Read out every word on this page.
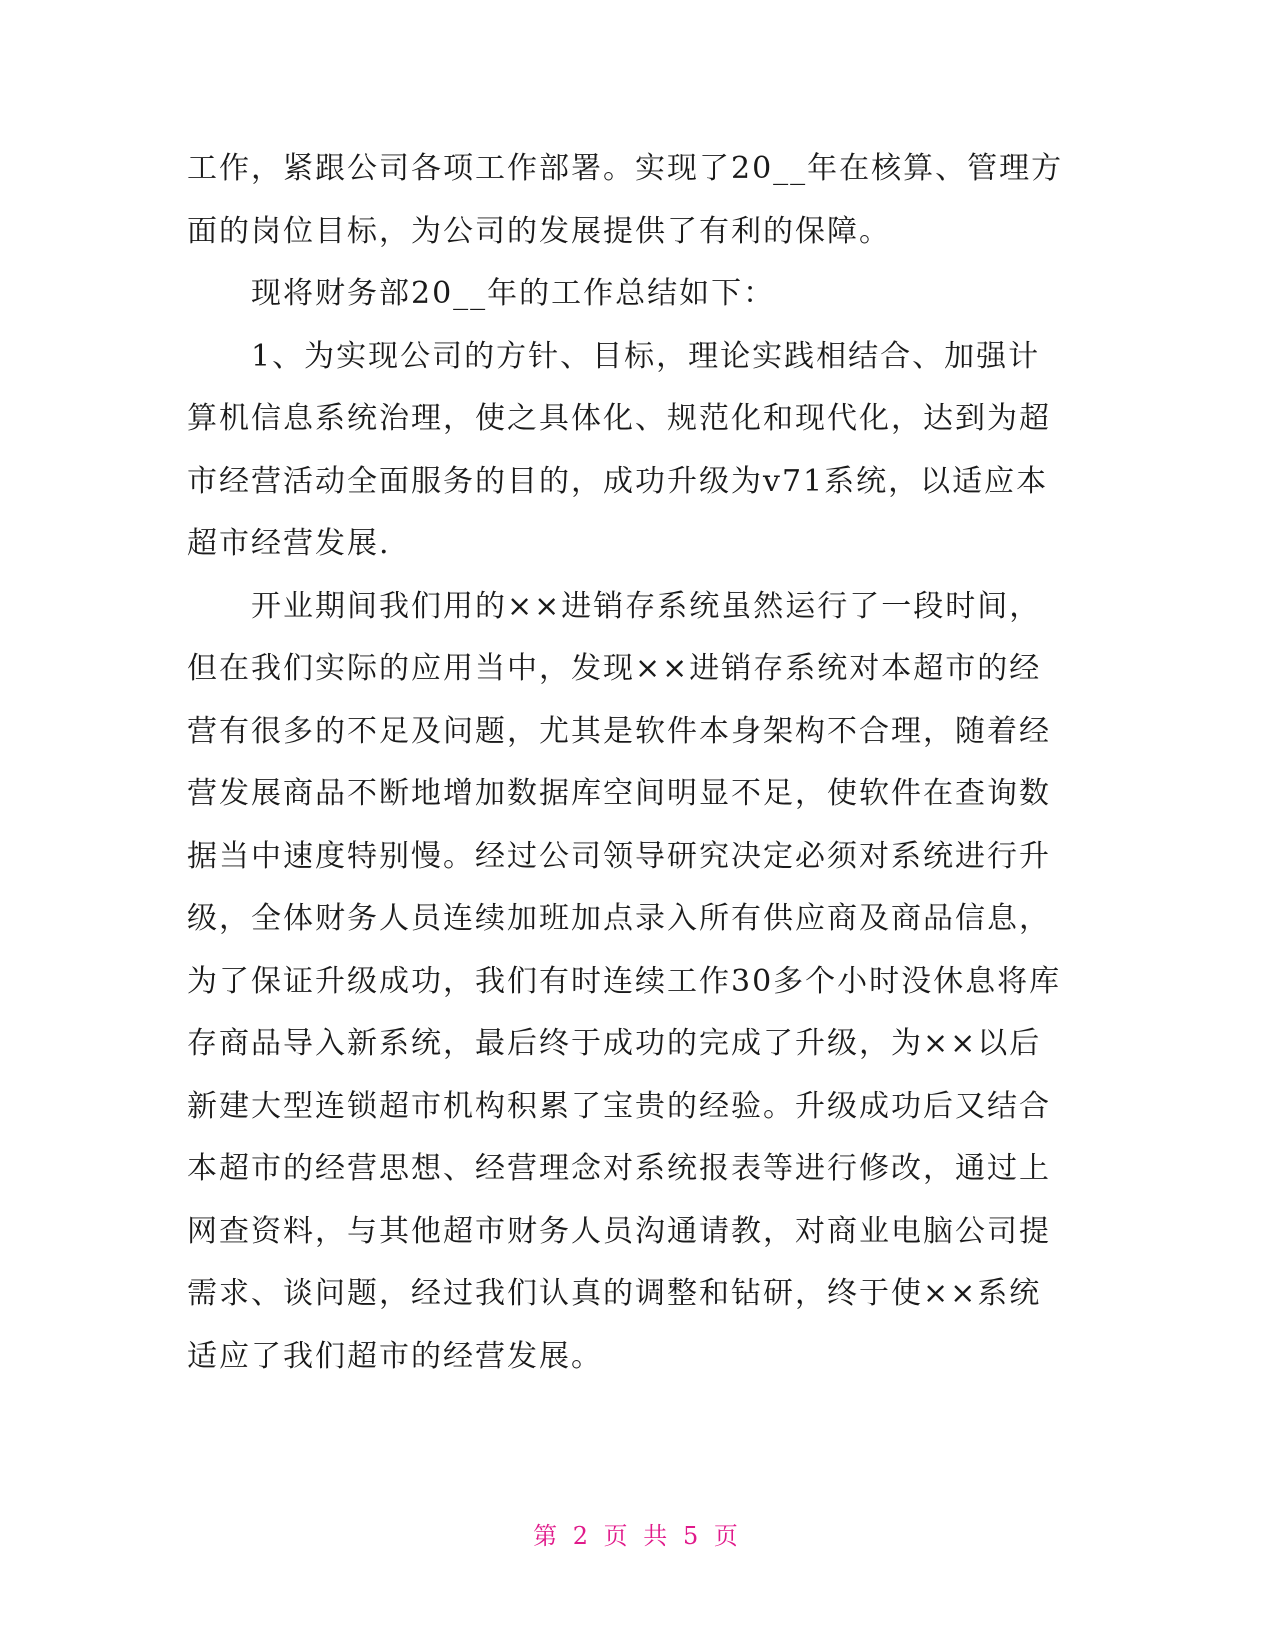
工作，紧跟公司各项工作部署。实现了20__年在核算、管理方
面的岗位目标，为公司的发展提供了有利的保障。
　　现将财务部20__年的工作总结如下：
　　1、为实现公司的方针、目标，理论实践相结合、加强计
算机信息系统治理，使之具体化、规范化和现代化，达到为超
市经营活动全面服务的目的，成功升级为v71系统，以适应本
超市经营发展.
　　开业期间我们用的××进销存系统虽然运行了一段时间，
但在我们实际的应用当中，发现××进销存系统对本超市的经
营有很多的不足及问题，尤其是软件本身架构不合理，随着经
营发展商品不断地增加数据库空间明显不足，使软件在查询数
据当中速度特别慢。经过公司领导研究决定必须对系统进行升
级，全体财务人员连续加班加点录入所有供应商及商品信息，
为了保证升级成功，我们有时连续工作30多个小时没休息将库
存商品导入新系统，最后终于成功的完成了升级，为××以后
新建大型连锁超市机构积累了宝贵的经验。升级成功后又结合
本超市的经营思想、经营理念对系统报表等进行修改，通过上
网查资料，与其他超市财务人员沟通请教，对商业电脑公司提
需求、谈问题，经过我们认真的调整和钻研，终于使××系统
适应了我们超市的经营发展。
第 2 页 共 5 页
